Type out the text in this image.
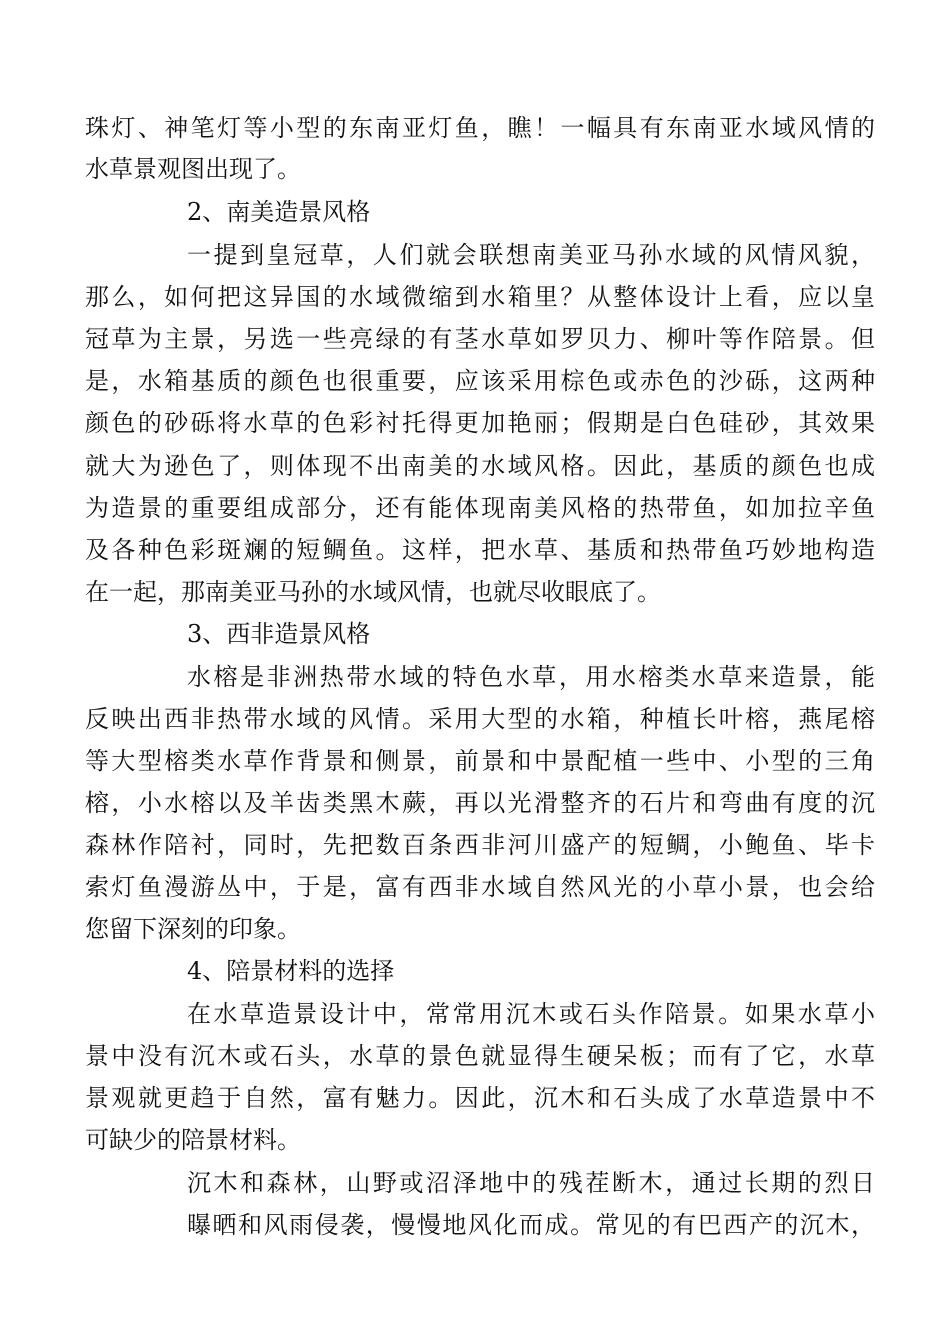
珠灯、神笔灯等小型的东南亚灯鱼，瞧！一幅具有东南亚水域风情的
水草景观图出现了。
2、南美造景风格
一提到皇冠草，人们就会联想南美亚马孙水域的风情风貌，
那么，如何把这异国的水域微缩到水箱里？从整体设计上看，应以皇
冠草为主景，另选一些亮绿的有茎水草如罗贝力、柳叶等作陪景。但
是，水箱基质的颜色也很重要，应该采用棕色或赤色的沙砾，这两种
颜色的砂砾将水草的色彩衬托得更加艳丽；假期是白色硅砂，其效果
就大为逊色了，则体现不出南美的水域风格。因此，基质的颜色也成
为造景的重要组成部分，还有能体现南美风格的热带鱼，如加拉辛鱼
及各种色彩斑斓的短鲷鱼。这样，把水草、基质和热带鱼巧妙地构造
在一起，那南美亚马孙的水域风情，也就尽收眼底了。
3、西非造景风格
水榕是非洲热带水域的特色水草，用水榕类水草来造景，能
反映出西非热带水域的风情。采用大型的水箱，种植长叶榕，燕尾榕
等大型榕类水草作背景和侧景，前景和中景配植一些中、小型的三角
榕，小水榕以及羊齿类黑木蕨，再以光滑整齐的石片和弯曲有度的沉
森林作陪衬，同时，先把数百条西非河川盛产的短鲷，小鲍鱼、毕卡
索灯鱼漫游丛中，于是，富有西非水域自然风光的小草小景，也会给
您留下深刻的印象。
4、陪景材料的选择
在水草造景设计中，常常用沉木或石头作陪景。如果水草小
景中没有沉木或石头，水草的景色就显得生硬呆板；而有了它，水草
景观就更趋于自然，富有魅力。因此，沉木和石头成了水草造景中不
可缺少的陪景材料。
沉木和森林，山野或沼泽地中的残茬断木，通过长期的烈日
曝晒和风雨侵袭，慢慢地风化而成。常见的有巴西产的沉木，
